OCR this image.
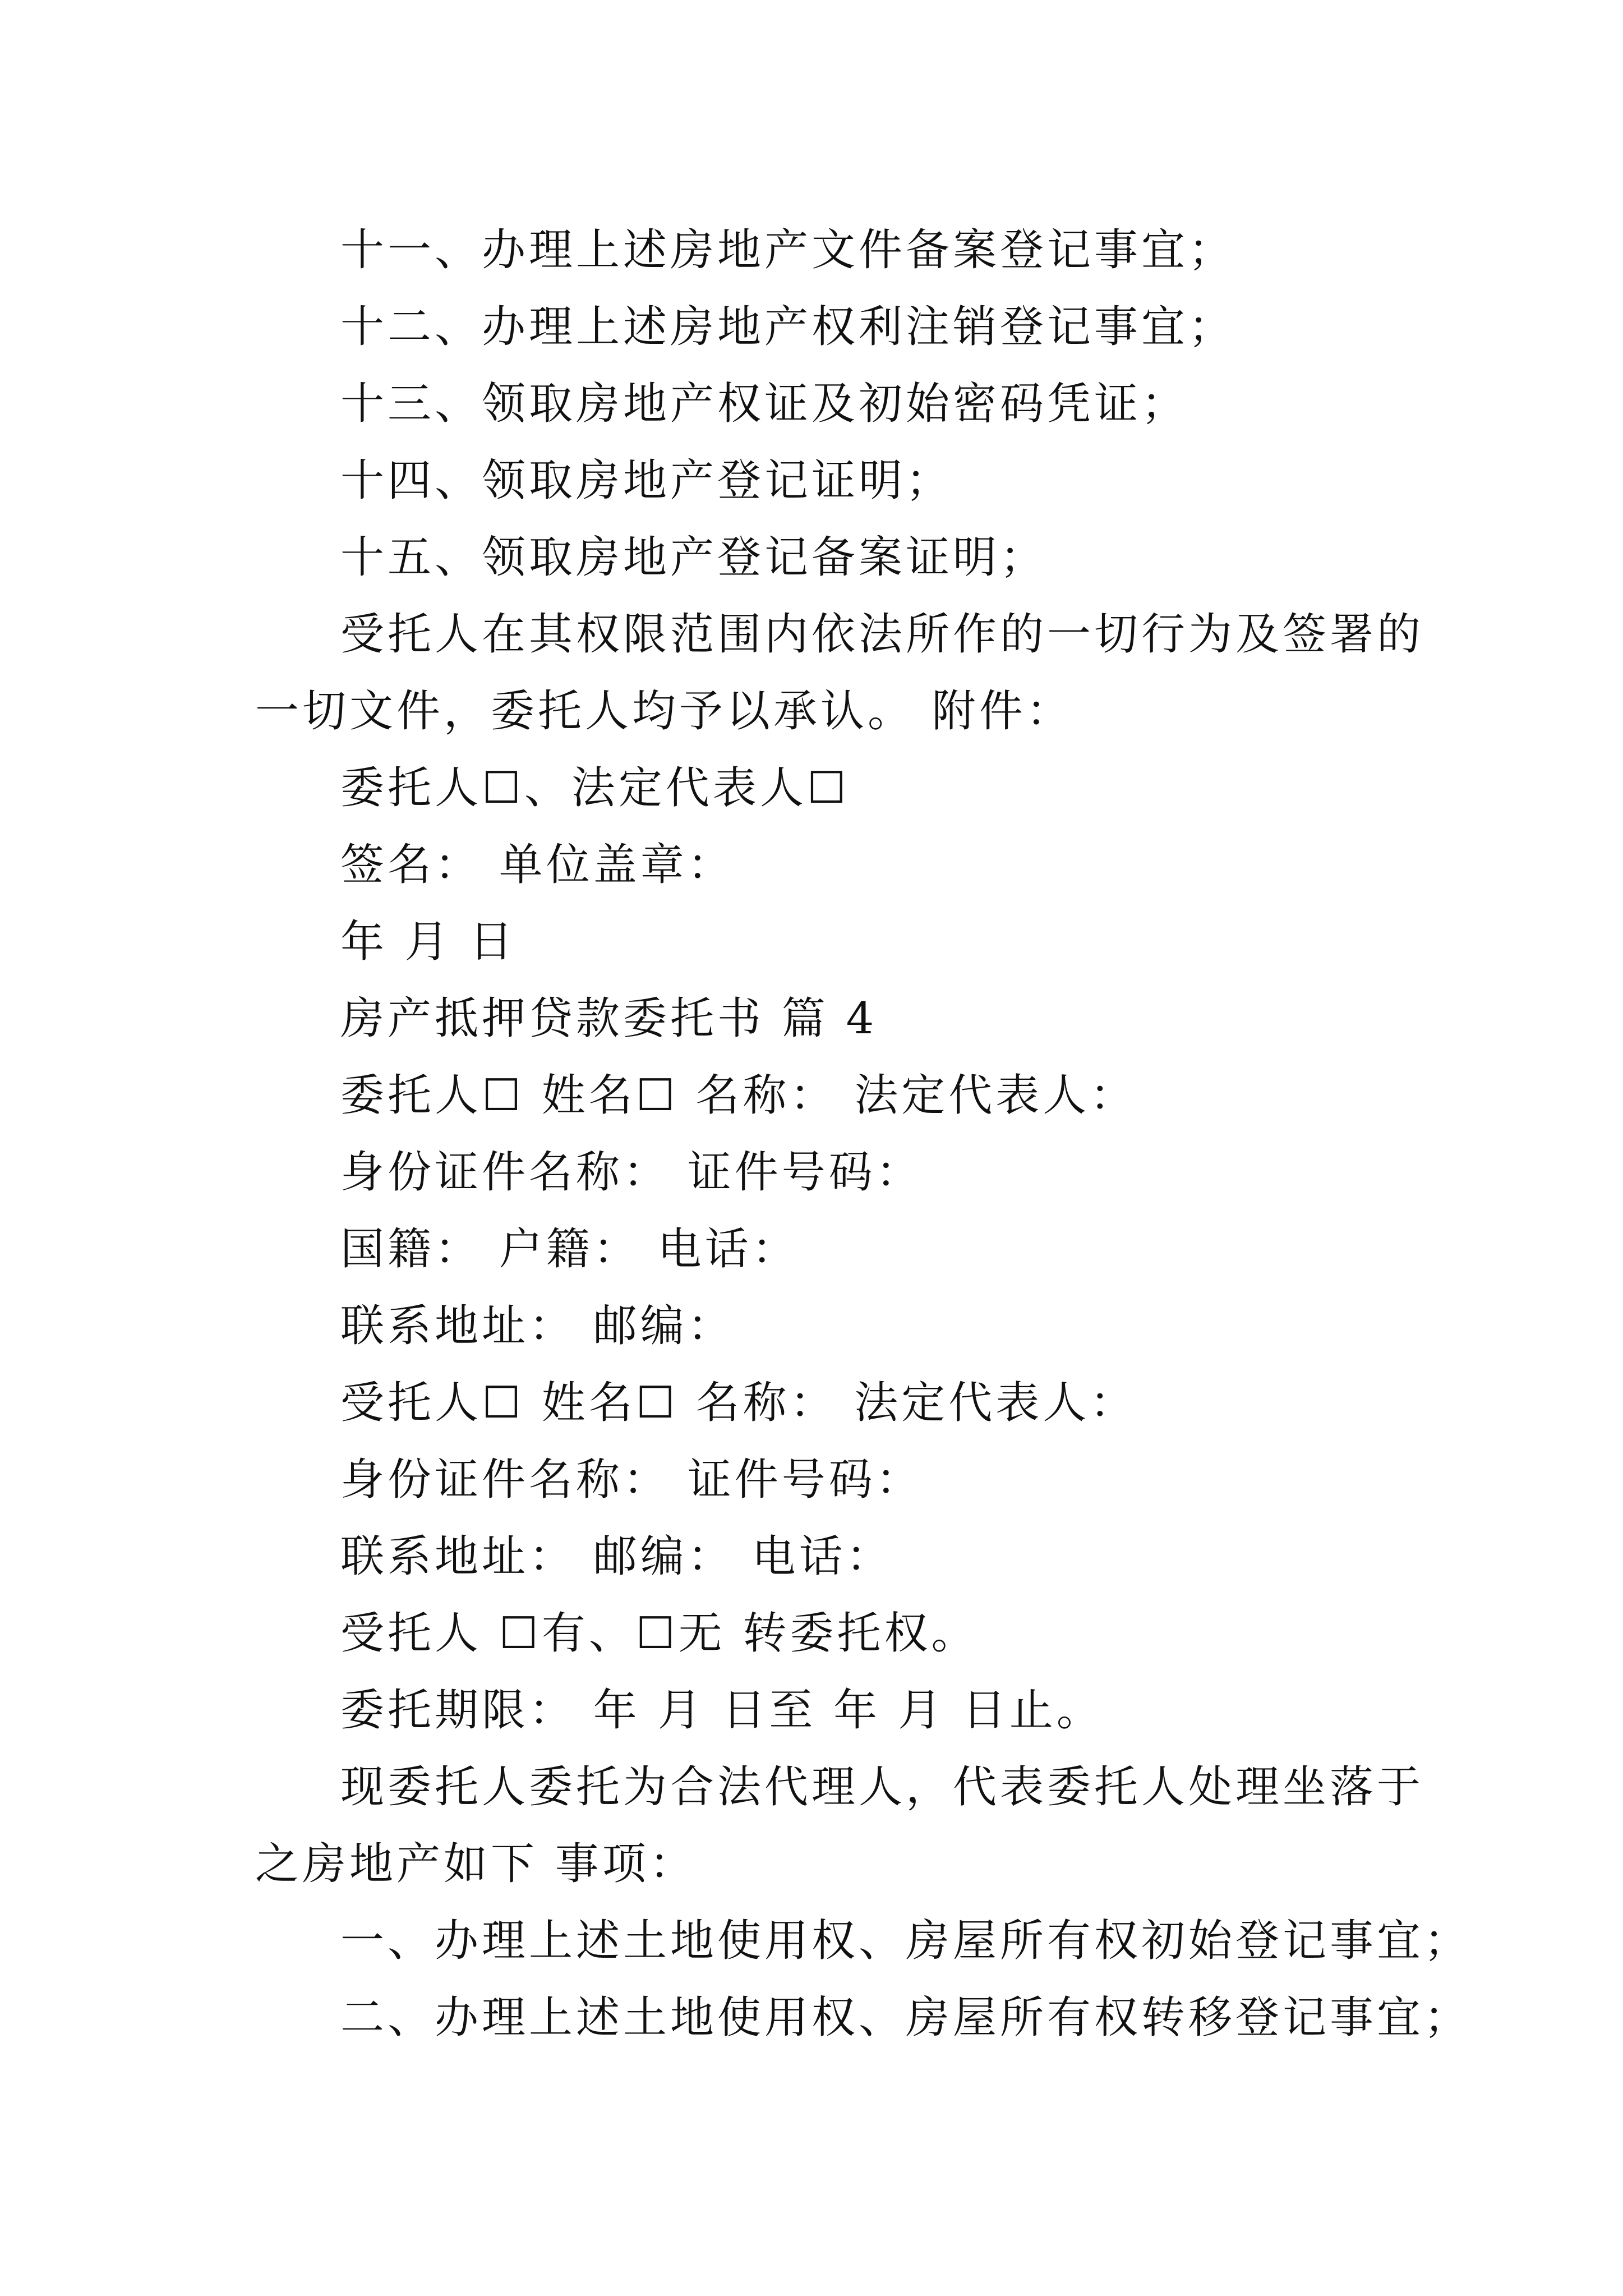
十一、办理上述房地产文件备案登记事宜；
十二、办理上述房地产权利注销登记事宜；
十三、领取房地产权证及初始密码凭证；
十四、领取房地产登记证明；
十五、领取房地产登记备案证明；
受托人在其权限范围内依法所作的一切行为及签署的
一切文件，委托人均予以承认。 附件：
委托人☐、法定代表人☐
签名： 单位盖章：
年 月 日
房产抵押贷款委托书 篇 4
委托人☐ 姓名☐ 名称： 法定代表人：
身份证件名称： 证件号码：
国籍： 户籍： 电话：
联系地址： 邮编：
受托人☐ 姓名☐ 名称： 法定代表人：
身份证件名称： 证件号码：
联系地址： 邮编： 电话：
受托人 ☐有、☐无 转委托权。
委托期限： 年 月 日至 年 月 日止。
现委托人委托为合法代理人，代表委托人处理坐落于
之房地产如下 事项：
一、办理上述土地使用权、房屋所有权初始登记事宜；
二、办理上述土地使用权、房屋所有权转移登记事宜；
